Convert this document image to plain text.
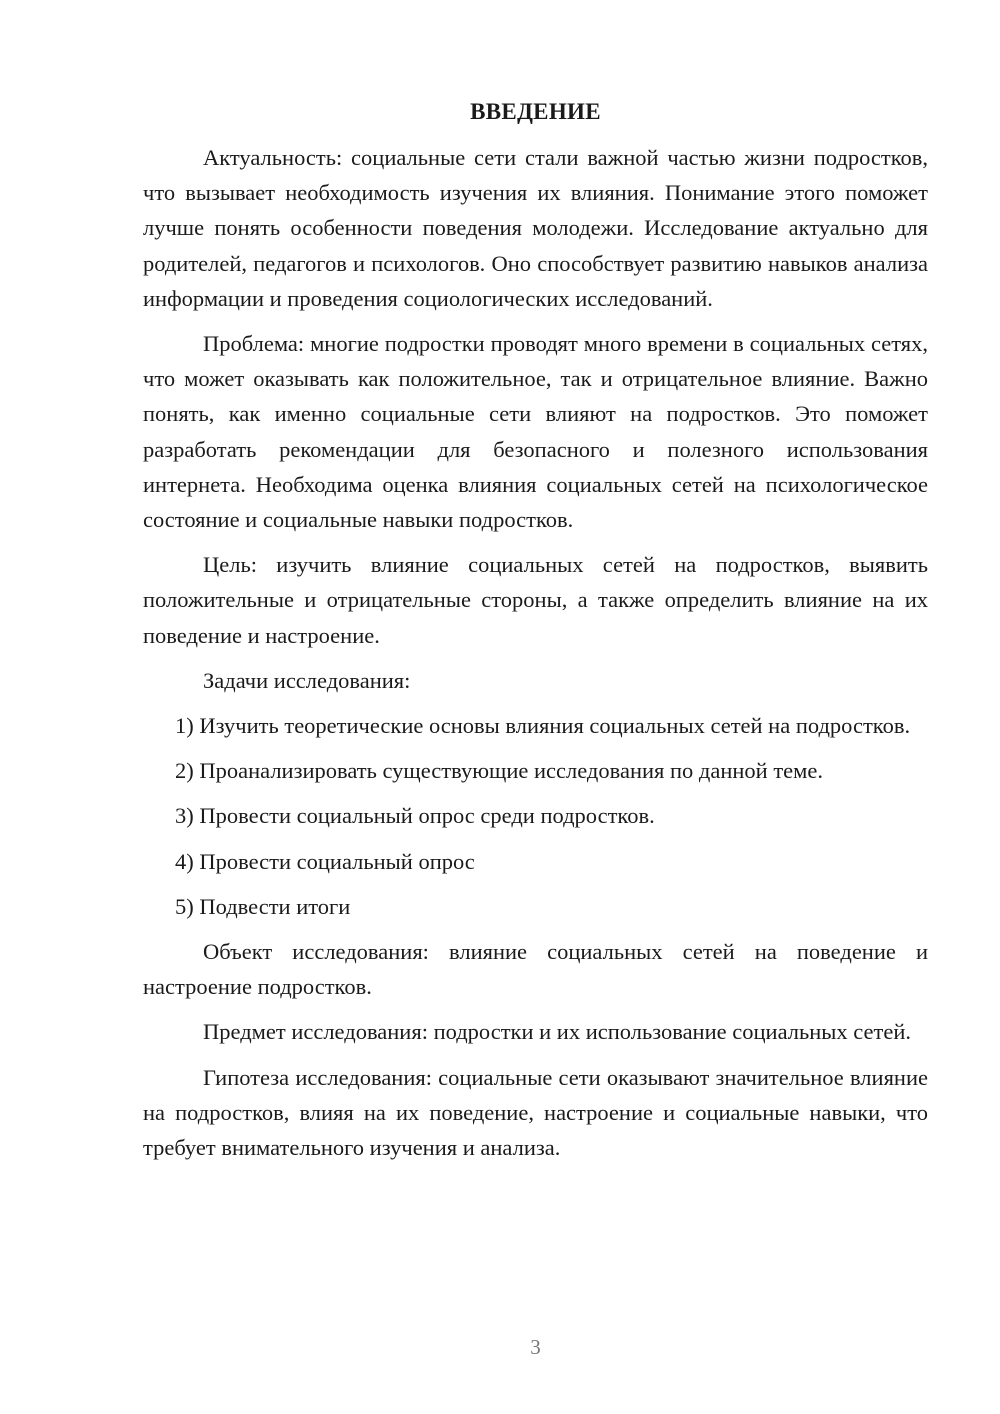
ВВЕДЕНИЕ

Актуальность: социальные сети стали важной частью жизни подростков, что вызывает необходимость изучения их влияния. Понимание этого поможет лучше понять особенности поведения молодежи. Исследование актуально для родителей, педагогов и психологов. Оно способствует развитию навыков анализа информации и проведения социологических исследований.

Проблема: многие подростки проводят много времени в социальных сетях, что может оказывать как положительное, так и отрицательное влияние. Важно понять, как именно социальные сети влияют на подростков. Это поможет разработать рекомендации для безопасного и полезного использования интернета. Необходима оценка влияния социальных сетей на психологическое состояние и социальные навыки подростков.

Цель: изучить влияние социальных сетей на подростков, выявить положительные и отрицательные стороны, а также определить влияние на их поведение и настроение.

Задачи исследования:

1) Изучить теоретические основы влияния социальных сетей на подростков.

2) Проанализировать существующие исследования по данной теме.

3) Провести социальный опрос среди подростков.

4) Провести социальный опрос

5) Подвести итоги

Объект исследования: влияние социальных сетей на поведение и настроение подростков.

Предмет исследования: подростки и их использование социальных сетей.

Гипотеза исследования: социальные сети оказывают значительное влияние на подростков, влияя на их поведение, настроение и социальные навыки, что требует внимательного изучения и анализа.

3
